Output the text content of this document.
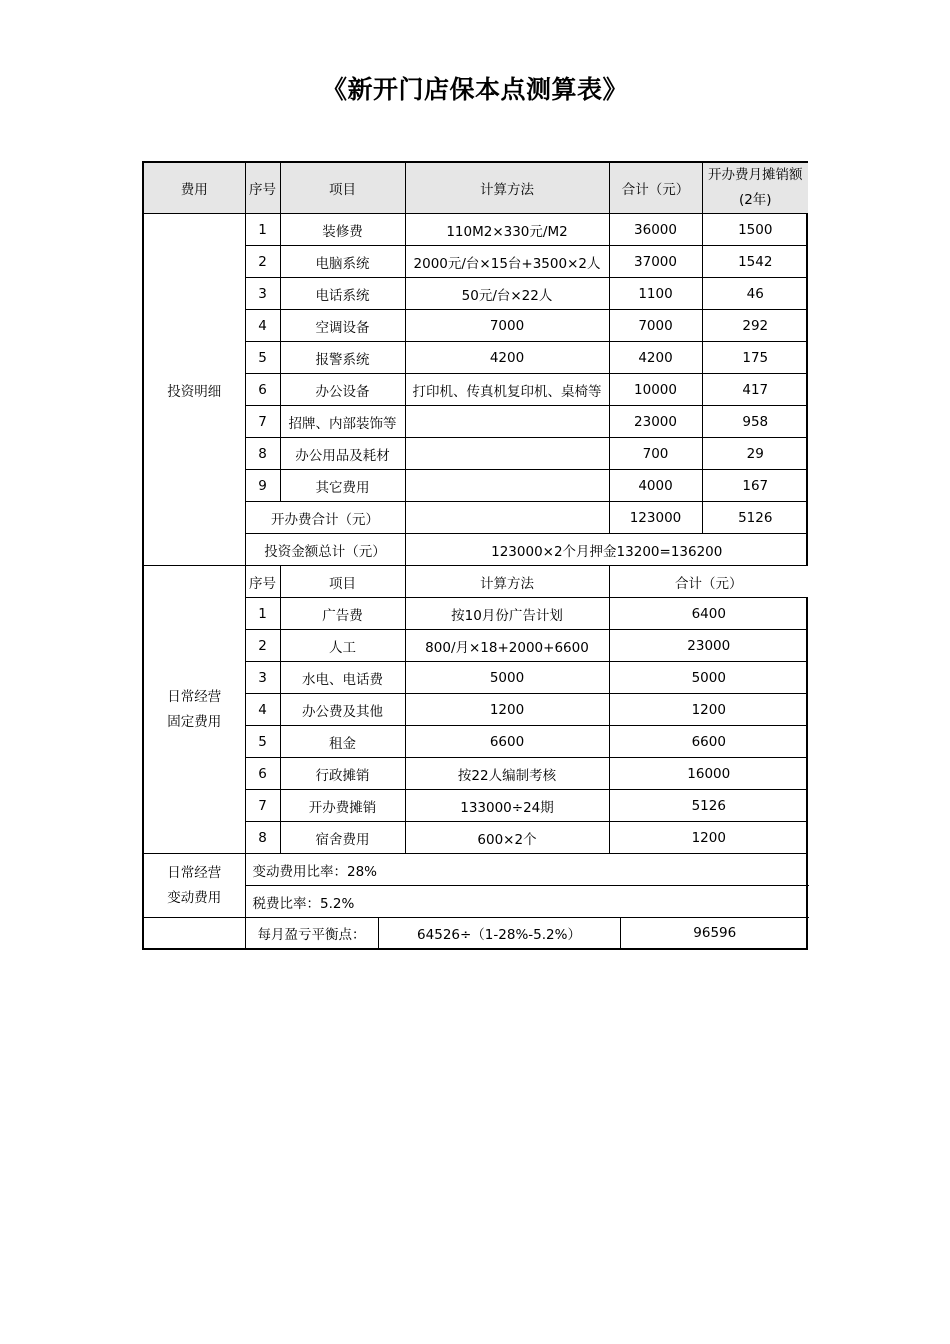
《新开门店保本点测算表》
费用	序号	项目	计算方法	合计（元）	开办费月摊销额
(2年)

投资明细	1	装修费	110M2×330元/M2	36000	1500
	2	电脑系统	2000元/台×15台+3500×2人	37000	1542
	3	电话系统	50元/台×22人	1100	46
	4	空调设备	7000	7000	292
	5	报警系统	4200	4200	175
	6	办公设备	打印机、传真机复印机、桌椅等	10000	417
	7	招牌、内部装饰等		23000	958
	8	办公用品及耗材		700	29
	9	其它费用		4000	167
	开办费合计（元）			123000	5126
	投资金额总计（元）		123000×2个月押金13200=136200		

日常经营
固定费用	序号	项目	计算方法	合计（元）	
	1	广告费	按10月份广告计划	6400	
	2	人工	800/月×18+2000+6600	23000	
	3	水电、电话费	5000	5000	
	4	办公费及其他	1200	1200	
	5	租金	6600	6600	
	6	行政摊销	按22人编制考核	16000	
	7	开办费摊销	133000÷24期	5126	
	8	宿舍费用	600×2个	1200	
日常经营
变动费用	变动费用比率：28%		
	税费比率：5.2%		
	每月盈亏平衡点：	64526÷（1-28%-5.2%）	96596
